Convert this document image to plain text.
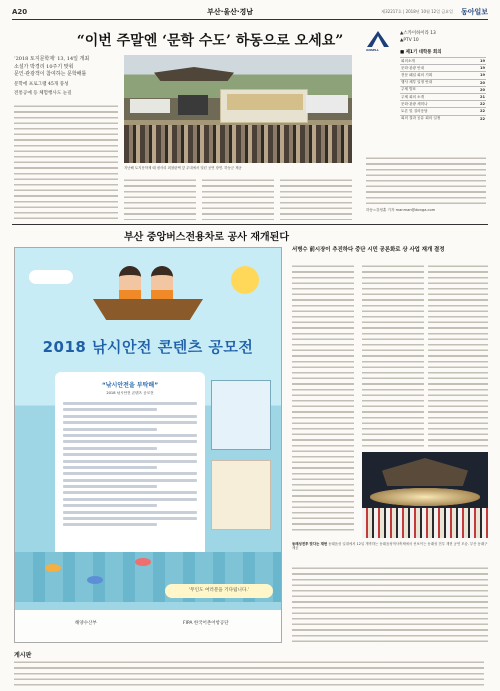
A20	부산·울산·경남	제32217호 | 2018년 10월 12일 금요일 동아일보
“이번 주말엔 ‘문학 수도’ 하동으로 오세요”
‘2018 토지문학제’ 13, 14일 개최
소설가 박경리 10주기 맞춰
문인·관광객이 참여하는 문학배틀
문학에 프로그램 45개 풍성
전통공예 등 체험행사도 눈길
지난해 토지문학제 때 평사리 최참판댁 앞 무대에서 열린 공연 장면. 하동군 제공
ANSELL
▲스카이하이라 13
▲PTV 10
■ 제1기 대학통 회의
회의소개	19
문화·관광 안내	19
전문 패널 회의 기획	19
행사 세부 일정 안내	20
주제 발표	20
주제 회의 소개	21
문화·관광 세미나	22
토론 및 질의응답	22
회의 결과 공유 회의 일정	22
하동=강정훈 기자 manman@donga.com
부산 중앙버스전용차로 공사 재개된다
2018 낚시안전 콘텐츠 공모전
“낚시안전을 부탁해”
2018 낚시안전 콘텐츠 공모전
‘무인도 여러분을 기다립니다.’
해양수산부	FIPA 한국어촌어항공단
서병수 前시장이 추진하다 중단 시민 공론화로 상 사업 재개 결정
동래성전투 맞다는 재현 동래읍성 일대에서 12일 개막하는 동래읍성역사축제에서 선보이는 동래성 전투 재현 공연 모습. 부산 동래구 제공
게시판
